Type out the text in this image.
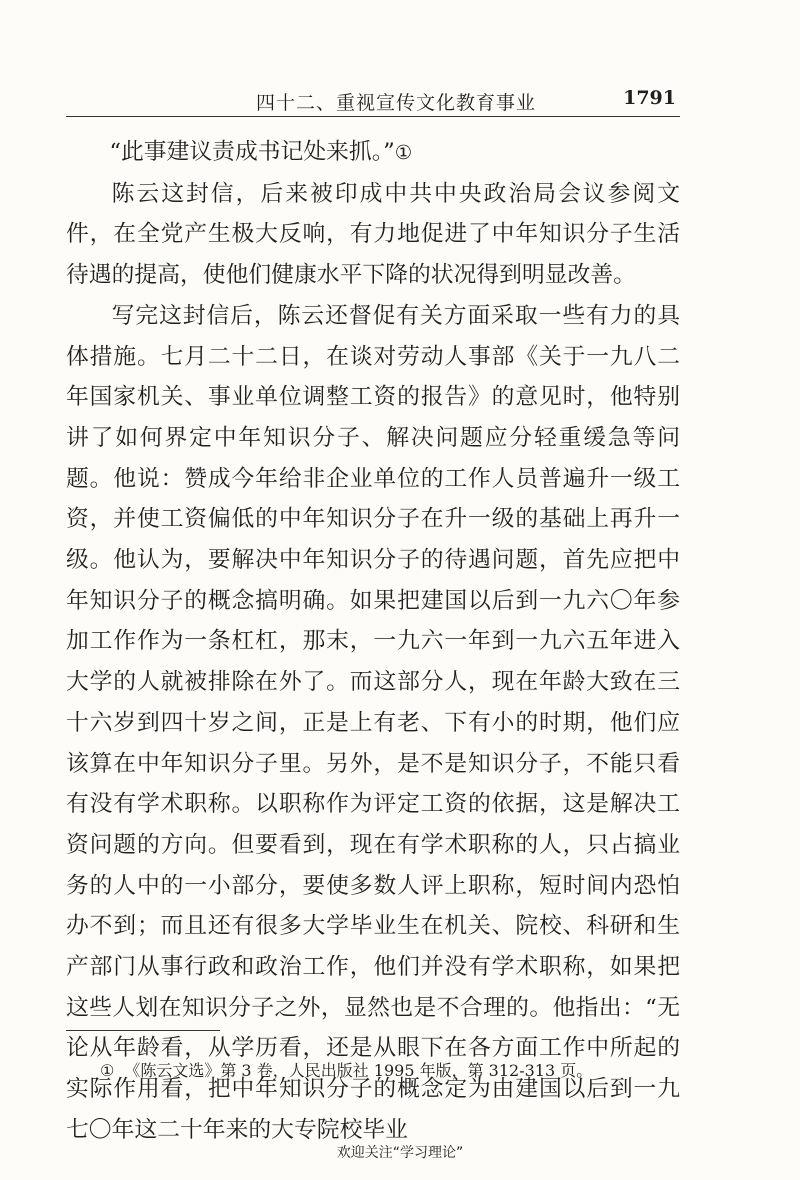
四十二、重视宣传文化教育事业	1791

“此事建议责成书记处来抓。”①

陈云这封信，后来被印成中共中央政治局会议参阅文件，在全党产生极大反响，有力地促进了中年知识分子生活待遇的提高，使他们健康水平下降的状况得到明显改善。

写完这封信后，陈云还督促有关方面采取一些有力的具体措施。七月二十二日，在谈对劳动人事部《关于一九八二年国家机关、事业单位调整工资的报告》的意见时，他特别讲了如何界定中年知识分子、解决问题应分轻重缓急等问题。他说：赞成今年给非企业单位的工作人员普遍升一级工资，并使工资偏低的中年知识分子在升一级的基础上再升一级。他认为，要解决中年知识分子的待遇问题，首先应把中年知识分子的概念搞明确。如果把建国以后到一九六〇年参加工作作为一条杠杠，那末，一九六一年到一九六五年进入大学的人就被排除在外了。而这部分人，现在年龄大致在三十六岁到四十岁之间，正是上有老、下有小的时期，他们应该算在中年知识分子里。另外，是不是知识分子，不能只看有没有学术职称。以职称作为评定工资的依据，这是解决工资问题的方向。但要看到，现在有学术职称的人，只占搞业务的人中的一小部分，要使多数人评上职称，短时间内恐怕办不到；而且还有很多大学毕业生在机关、院校、科研和生产部门从事行政和政治工作，他们并没有学术职称，如果把这些人划在知识分子之外，显然也是不合理的。他指出：“无论从年龄看，从学历看，还是从眼下在各方面工作中所起的实际作用看，把中年知识分子的概念定为由建国以后到一九七〇年这二十年来的大专院校毕业

① 《陈云文选》第 3 卷，人民出版社 1995 年版，第 312-313 页。
欢迎关注“学习理论”
